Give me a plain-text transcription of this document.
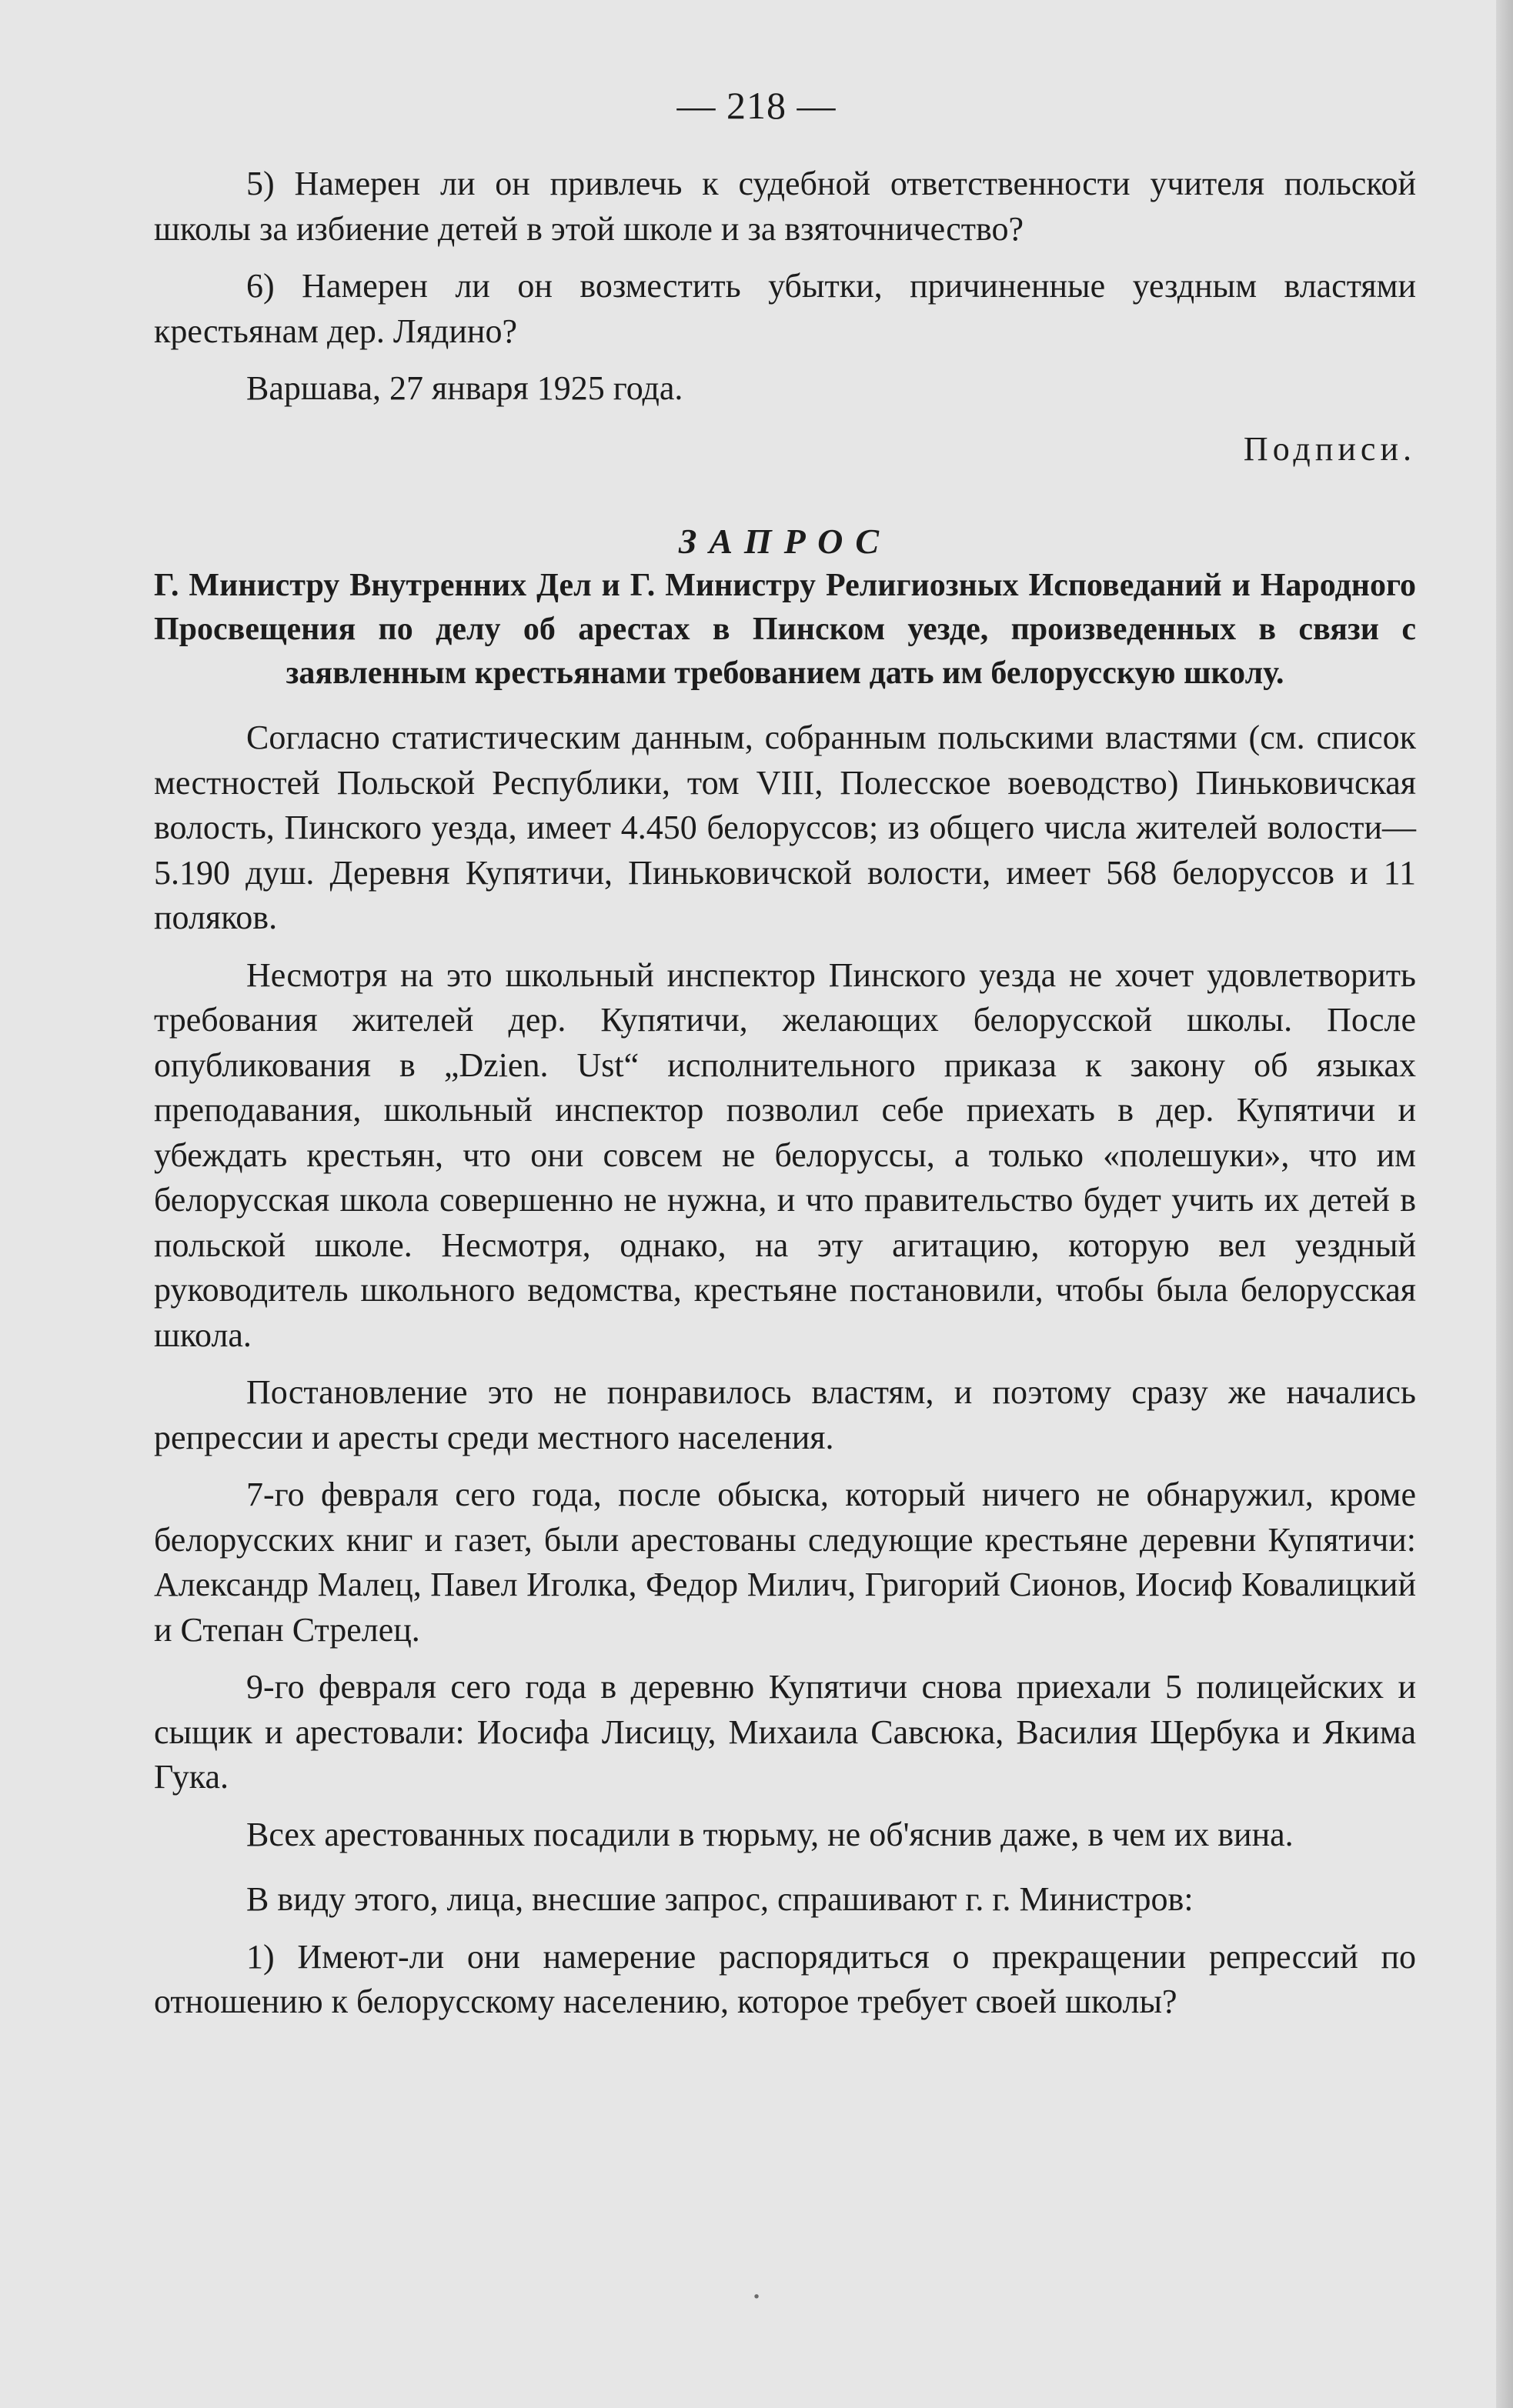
— 218 —

5) Намерен ли он привлечь к судебной ответственности учителя польской школы за избиение детей в этой школе и за взяточничество?

6) Намерен ли он возместить убытки, причиненные уездным властями крестьянам дер. Лядино?

Варшава, 27 января 1925 года.

Подписи.

ЗАПРОС

Г. Министру Внутренних Дел и Г. Министру Религиозных Исповеданий и Народного Просвещения по делу об арестах в Пинском уезде, произведенных в связи с заявленным крестьянами требованием дать им белорусскую школу.

Согласно статистическим данным, собранным польскими властями (см. список местностей Польской Республики, том VIII, Полесское воеводство) Пиньковичская волость, Пинского уезда, имеет 4.450 белоруссов; из общего числа жителей волости—5.190 душ. Деревня Купятичи, Пиньковичской волости, имеет 568 белоруссов и 11 поляков.

Несмотря на это школьный инспектор Пинского уезда не хочет удовлетворить требования жителей дер. Купятичи, желающих белорусской школы. После опубликования в „Dzien. Ust“ исполнительного приказа к закону об языках преподавания, школьный инспектор позволил себе приехать в дер. Купятичи и убеждать крестьян, что они совсем не белоруссы, а только «полешуки», что им белорусская школа совершенно не нужна, и что правительство будет учить их детей в польской школе. Несмотря, однако, на эту агитацию, которую вел уездный руководитель школьного ведомства, крестьяне постановили, чтобы была белорусская школа.

Постановление это не понравилось властям, и поэтому сразу же начались репрессии и аресты среди местного населения.

7-го февраля сего года, после обыска, который ничего не обнаружил, кроме белорусских книг и газет, были арестованы следующие крестьяне деревни Купятичи: Александр Малец, Павел Иголка, Федор Милич, Григорий Сионов, Иосиф Ковалицкий и Степан Стрелец.

9-го февраля сего года в деревню Купятичи снова приехали 5 полицейских и сыщик и арестовали: Иосифа Лисицу, Михаила Савсюка, Василия Щербука и Якима Гука.

Всех арестованных посадили в тюрьму, не об'яснив даже, в чем их вина.

В виду этого, лица, внесшие запрос, спрашивают г. г. Министров:

1) Имеют-ли они намерение распорядиться о прекращении репрессий по отношению к белорусскому населению, которое требует своей школы?

·
